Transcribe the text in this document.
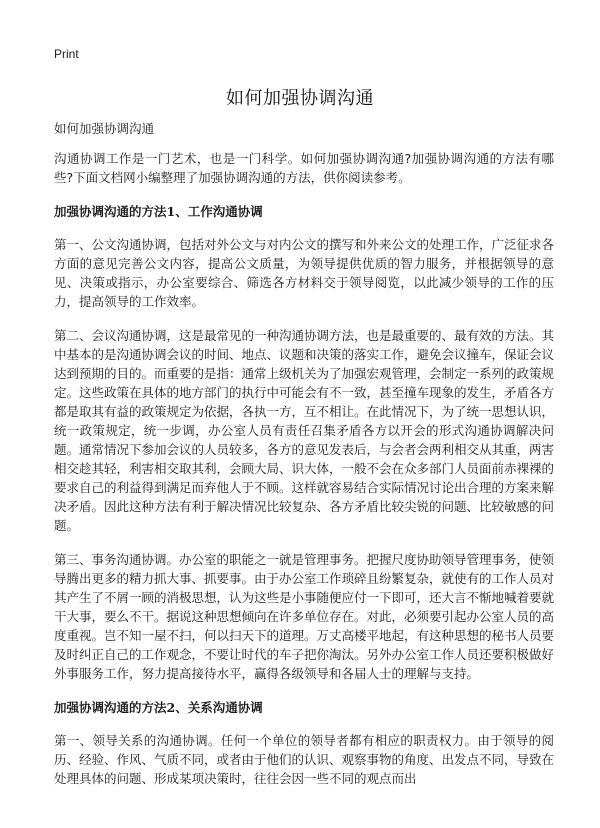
Print
如何加强协调沟通
如何加强协调沟通

沟通协调工作是一门艺术，也是一门科学。如何加强协调沟通?加强协调沟通的方法有哪些?下面文档网小编整理了加强协调沟通的方法，供你阅读参考。

加强协调沟通的方法1、工作沟通协调

第一、公文沟通协调，包括对外公文与对内公文的撰写和外来公文的处理工作，广泛征求各方面的意见完善公文内容，提高公文质量，为领导提供优质的智力服务，并根据领导的意见、决策或指示，办公室要综合、筛选各方材料交于领导阅览，以此减少领导的工作的压力，提高领导的工作效率。

第二、会议沟通协调，这是最常见的一种沟通协调方法，也是最重要的、最有效的方法。其中基本的是沟通协调会议的时间、地点、议题和决策的落实工作，避免会议撞车，保证会议达到预期的目的。而重要的是指：通常上级机关为了加强宏观管理，会制定一系列的政策规定。这些政策在具体的地方部门的执行中可能会有不一致，甚至撞车现象的发生，矛盾各方都是取其有益的政策规定为依据，各执一方，互不相让。在此情况下，为了统一思想认识，统一政策规定，统一步调，办公室人员有责任召集矛盾各方以开会的形式沟通协调解决问题。通常情况下参加会议的人员较多，各方的意见发表后，与会者会两利相交从其重，两害相交趁其轻，利害相交取其利，会顾大局、识大体，一般不会在众多部门人员面前赤裸裸的要求自己的利益得到满足而弃他人于不顾。这样就容易结合实际情况讨论出合理的方案来解决矛盾。因此这种方法有利于解决情况比较复杂、各方矛盾比较尖锐的问题、比较敏感的问题。

第三、事务沟通协调。办公室的职能之一就是管理事务。把握尺度协助领导管理事务，使领导腾出更多的精力抓大事、抓要事。由于办公室工作琐碎且纷繁复杂，就使有的工作人员对其产生了不屑一顾的消极思想，认为这些是小事随便应付一下即可，还大言不惭地喊着要就干大事，要么不干。据说这种思想倾向在许多单位存在。对此，必须要引起办公室人员的高度重视。岂不知一屋不扫，何以扫天下的道理。万丈高楼平地起，有这种思想的秘书人员要及时纠正自己的工作观念，不要让时代的车子把你淘汰。另外办公室工作人员还要积极做好外事服务工作，努力提高接待水平，赢得各级领导和各届人士的理解与支持。

加强协调沟通的方法2、关系沟通协调

第一、领导关系的沟通协调。任何一个单位的领导者都有相应的职责权力。由于领导的阅历、经验、作风、气质不同，或者由于他们的认识、观察事物的角度、出发点不同，导致在处理具体的问题、形成某项决策时，往往会因一些不同的观点而出
